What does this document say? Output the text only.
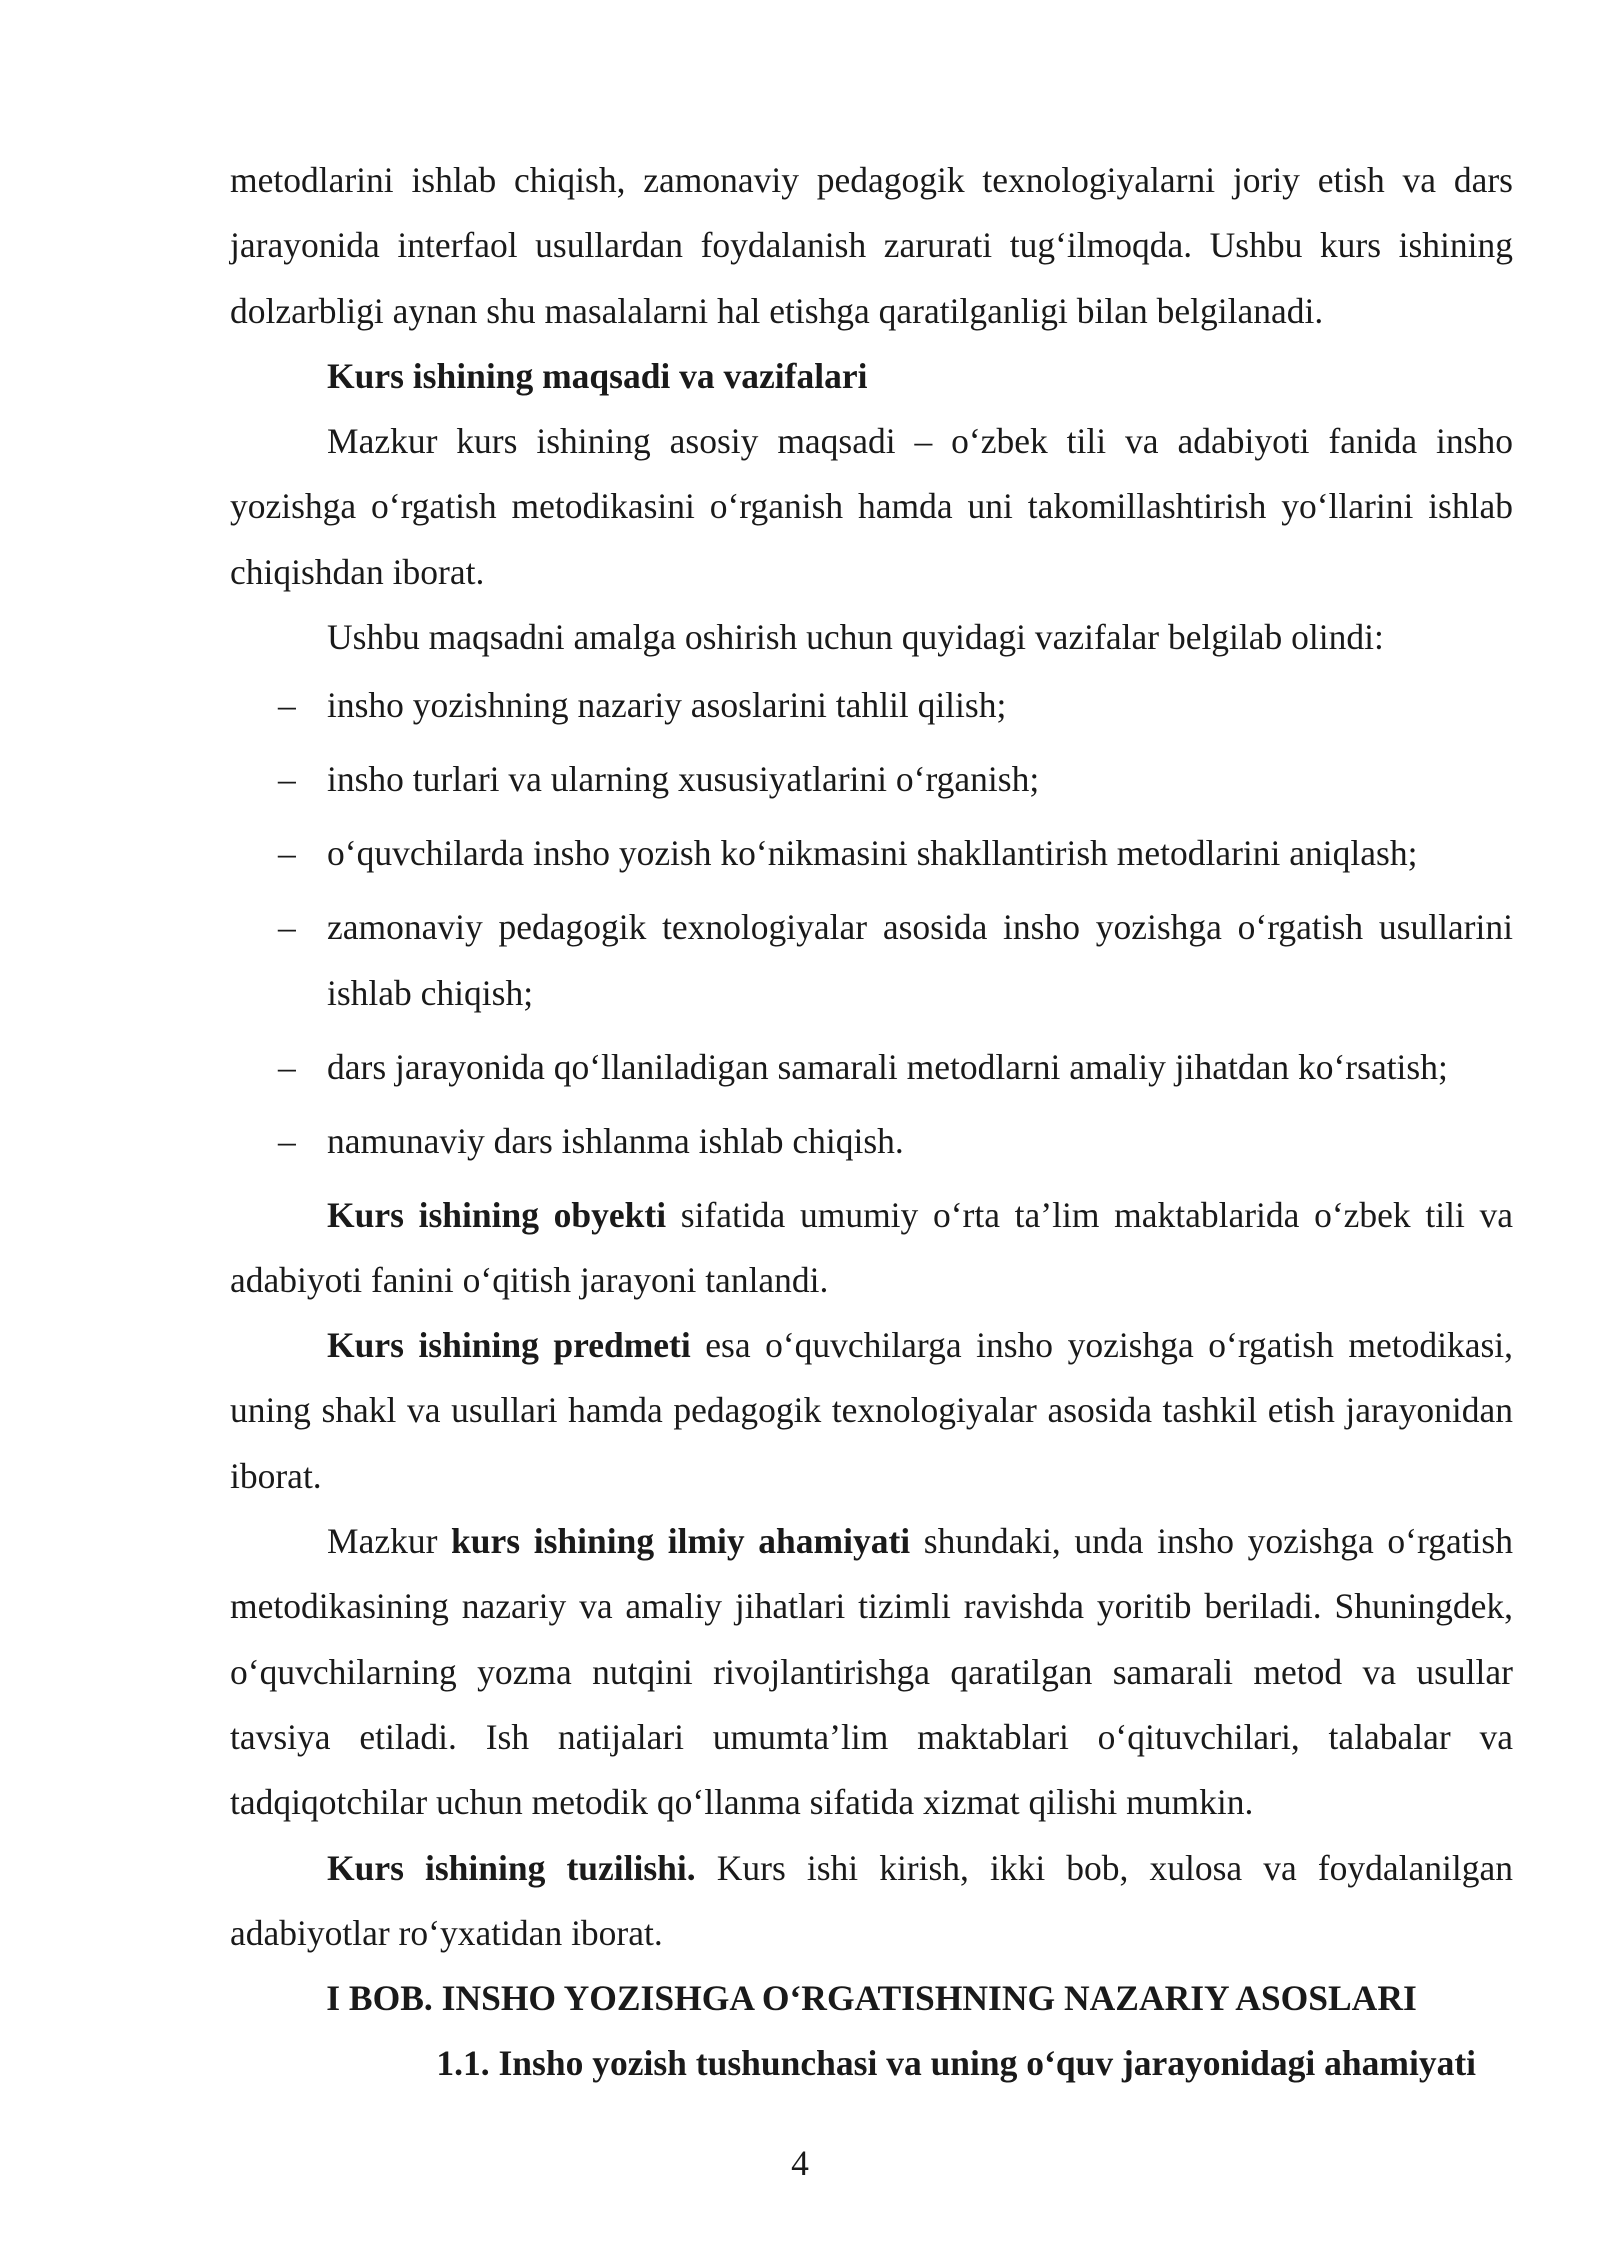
metodlarini ishlab chiqish, zamonaviy pedagogik texnologiyalarni joriy etish va dars jarayonida interfaol usullardan foydalanish zarurati tug‘ilmoqda. Ushbu kurs ishining dolzarbligi aynan shu masalalarni hal etishga qaratilganligi bilan belgilanadi.

Kurs ishining maqsadi va vazifalari

Mazkur kurs ishining asosiy maqsadi – o‘zbek tili va adabiyoti fanida insho yozishga o‘rgatish metodikasini o‘rganish hamda uni takomillashtirish yo‘llarini ishlab chiqishdan iborat.

Ushbu maqsadni amalga oshirish uchun quyidagi vazifalar belgilab olindi:

– insho yozishning nazariy asoslarini tahlil qilish;
– insho turlari va ularning xususiyatlarini o‘rganish;
– o‘quvchilarda insho yozish ko‘nikmasini shakllantirish metodlarini aniqlash;
– zamonaviy pedagogik texnologiyalar asosida insho yozishga o‘rgatish usullarini ishlab chiqish;
– dars jarayonida qo‘llaniladigan samarali metodlarni amaliy jihatdan ko‘rsatish;
– namunaviy dars ishlanma ishlab chiqish.

Kurs ishining obyekti sifatida umumiy o‘rta ta’lim maktablarida o‘zbek tili va adabiyoti fanini o‘qitish jarayoni tanlandi.

Kurs ishining predmeti esa o‘quvchilarga insho yozishga o‘rgatish metodikasi, uning shakl va usullari hamda pedagogik texnologiyalar asosida tashkil etish jarayonidan iborat.

Mazkur kurs ishining ilmiy ahamiyati shundaki, unda insho yozishga o‘rgatish metodikasining nazariy va amaliy jihatlari tizimli ravishda yoritib beriladi. Shuningdek, o‘quvchilarning yozma nutqini rivojlantirishga qaratilgan samarali metod va usullar tavsiya etiladi. Ish natijalari umumta’lim maktablari o‘qituvchilari, talabalar va tadqiqotchilar uchun metodik qo‘llanma sifatida xizmat qilishi mumkin.

Kurs ishining tuzilishi. Kurs ishi kirish, ikki bob, xulosa va foydalanilgan adabiyotlar ro‘yxatidan iborat.

I BOB. INSHO YOZISHGA O‘RGATISHNING NAZARIY ASOSLARI
1.1. Insho yozish tushunchasi va uning o‘quv jarayonidagi ahamiyati
4
